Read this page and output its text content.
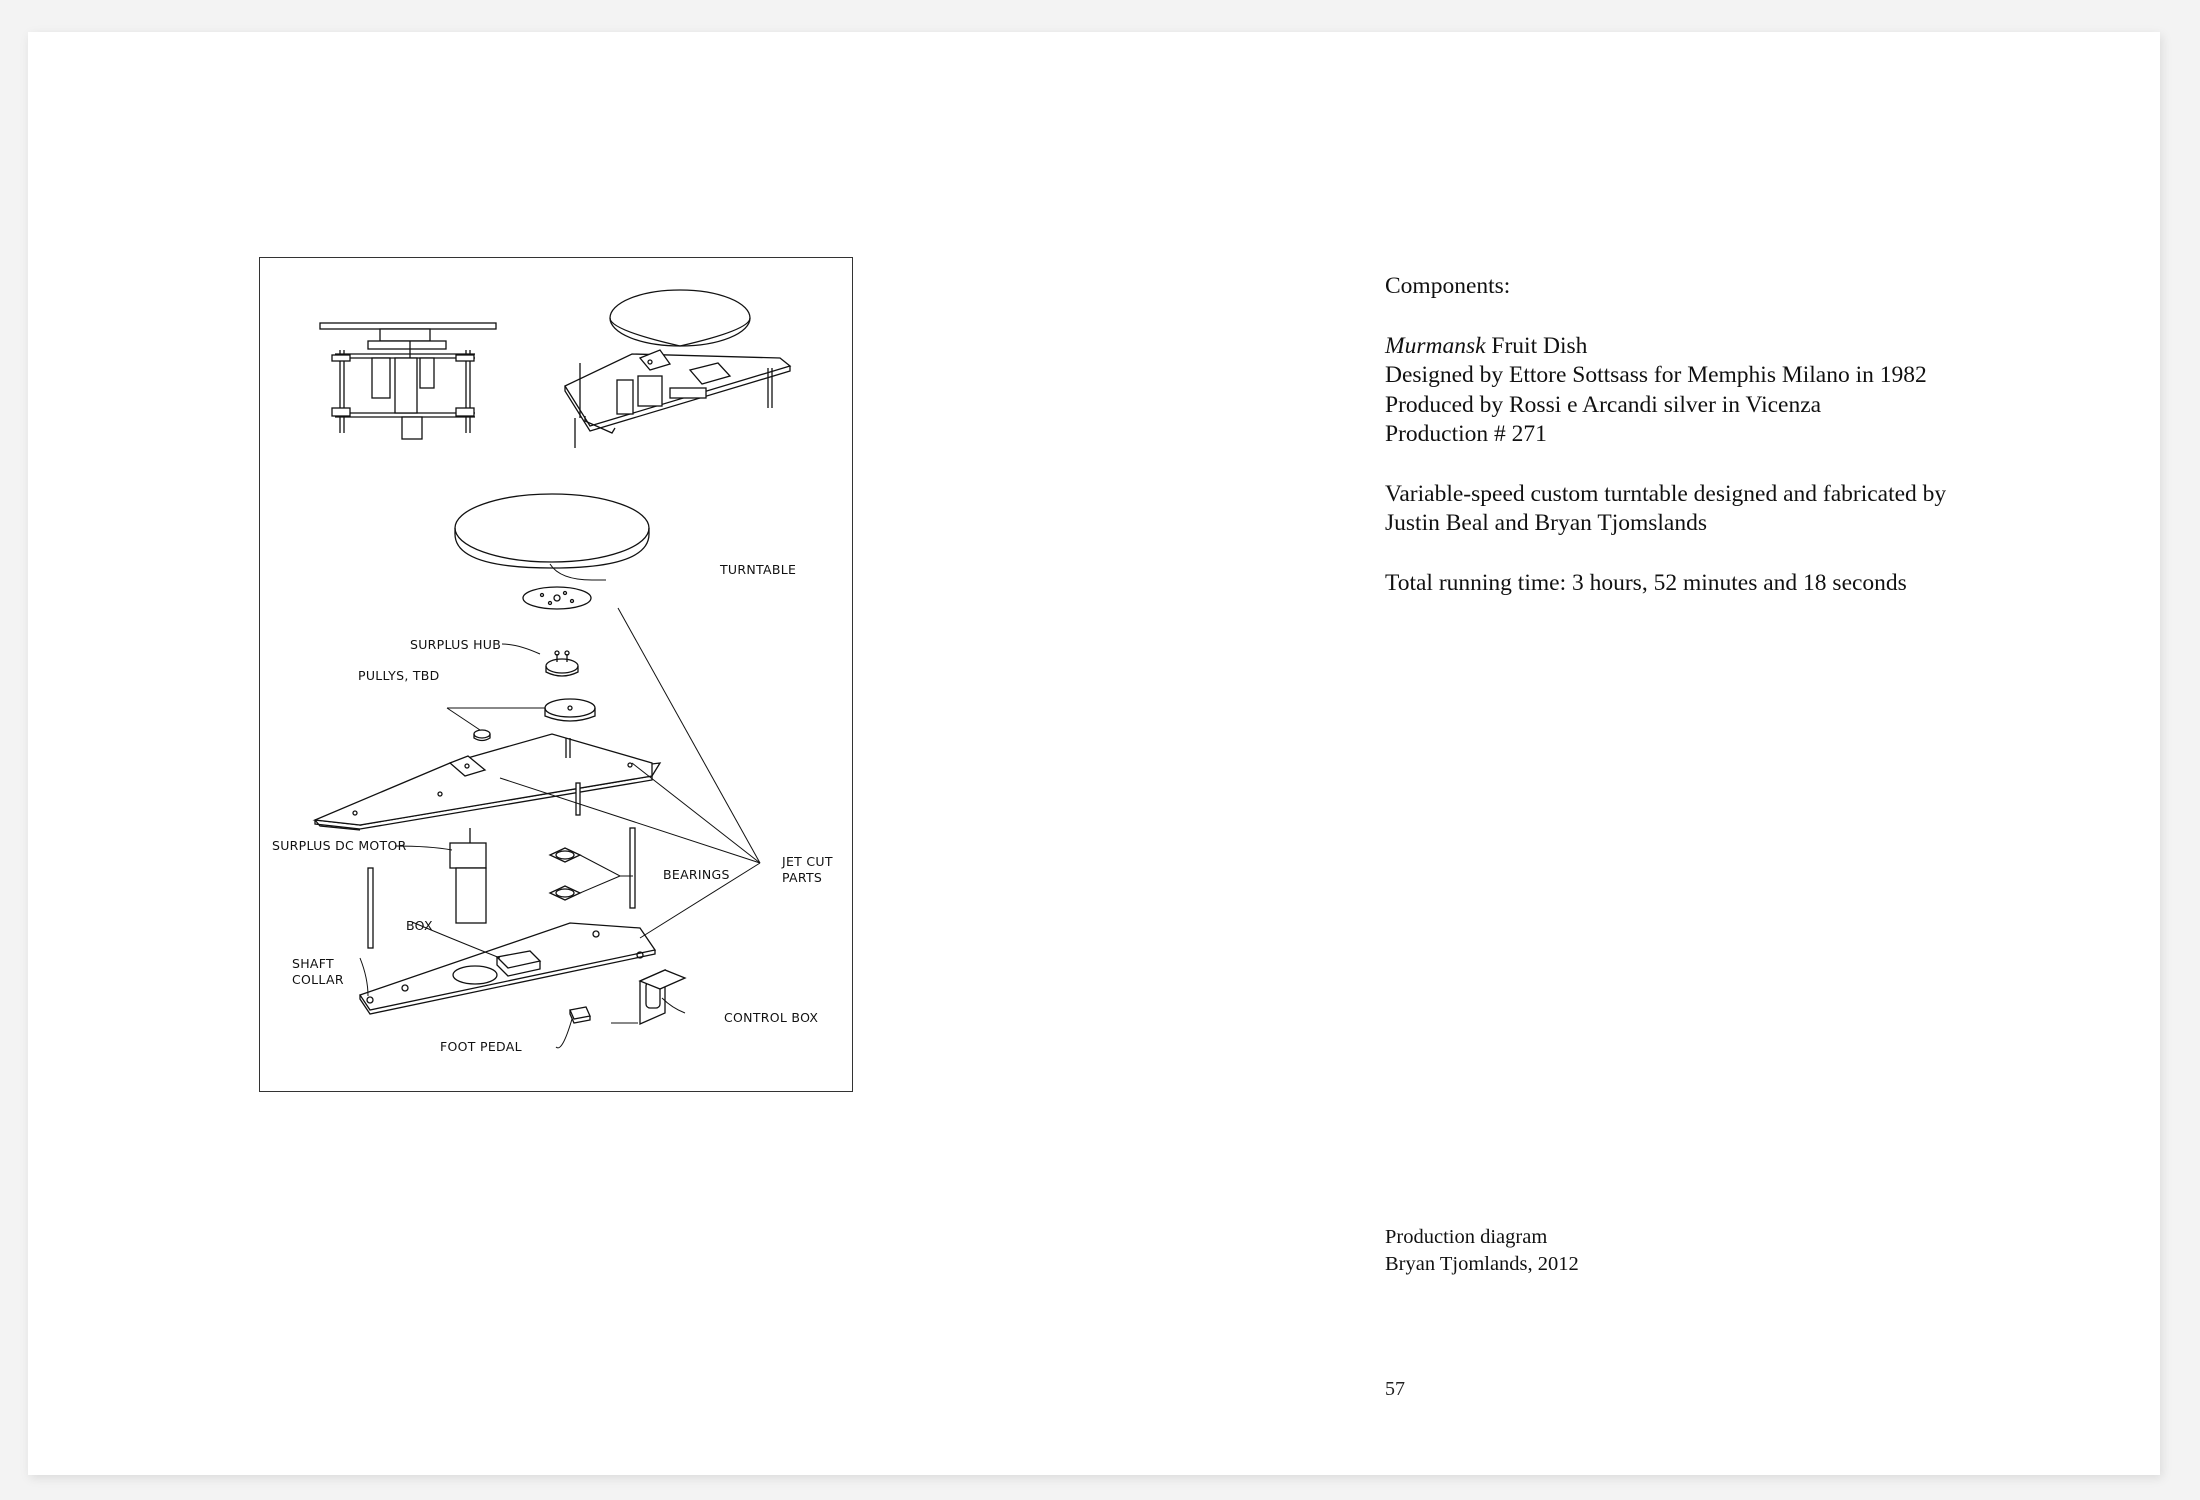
TURNTABLE
SURPLUS HUB
PULLYS, TBD
SURPLUS DC MOTOR
BEARINGS
JET CUT
PARTS
BOX
SHAFT
COLLAR
CONTROL BOX
FOOT PEDAL

Components:

Murmansk Fruit Dish

Designed by Ettore Sottsass for Memphis Milano in 1982

Produced by Rossi e Arcandi silver in Vicenza

Production # 271

Variable-speed custom turntable designed and fabricated by

Justin Beal and Bryan Tjomslands

Total running time: 3 hours, 52 minutes and 18 seconds

Production diagram

Bryan Tjomlands, 2012

57
